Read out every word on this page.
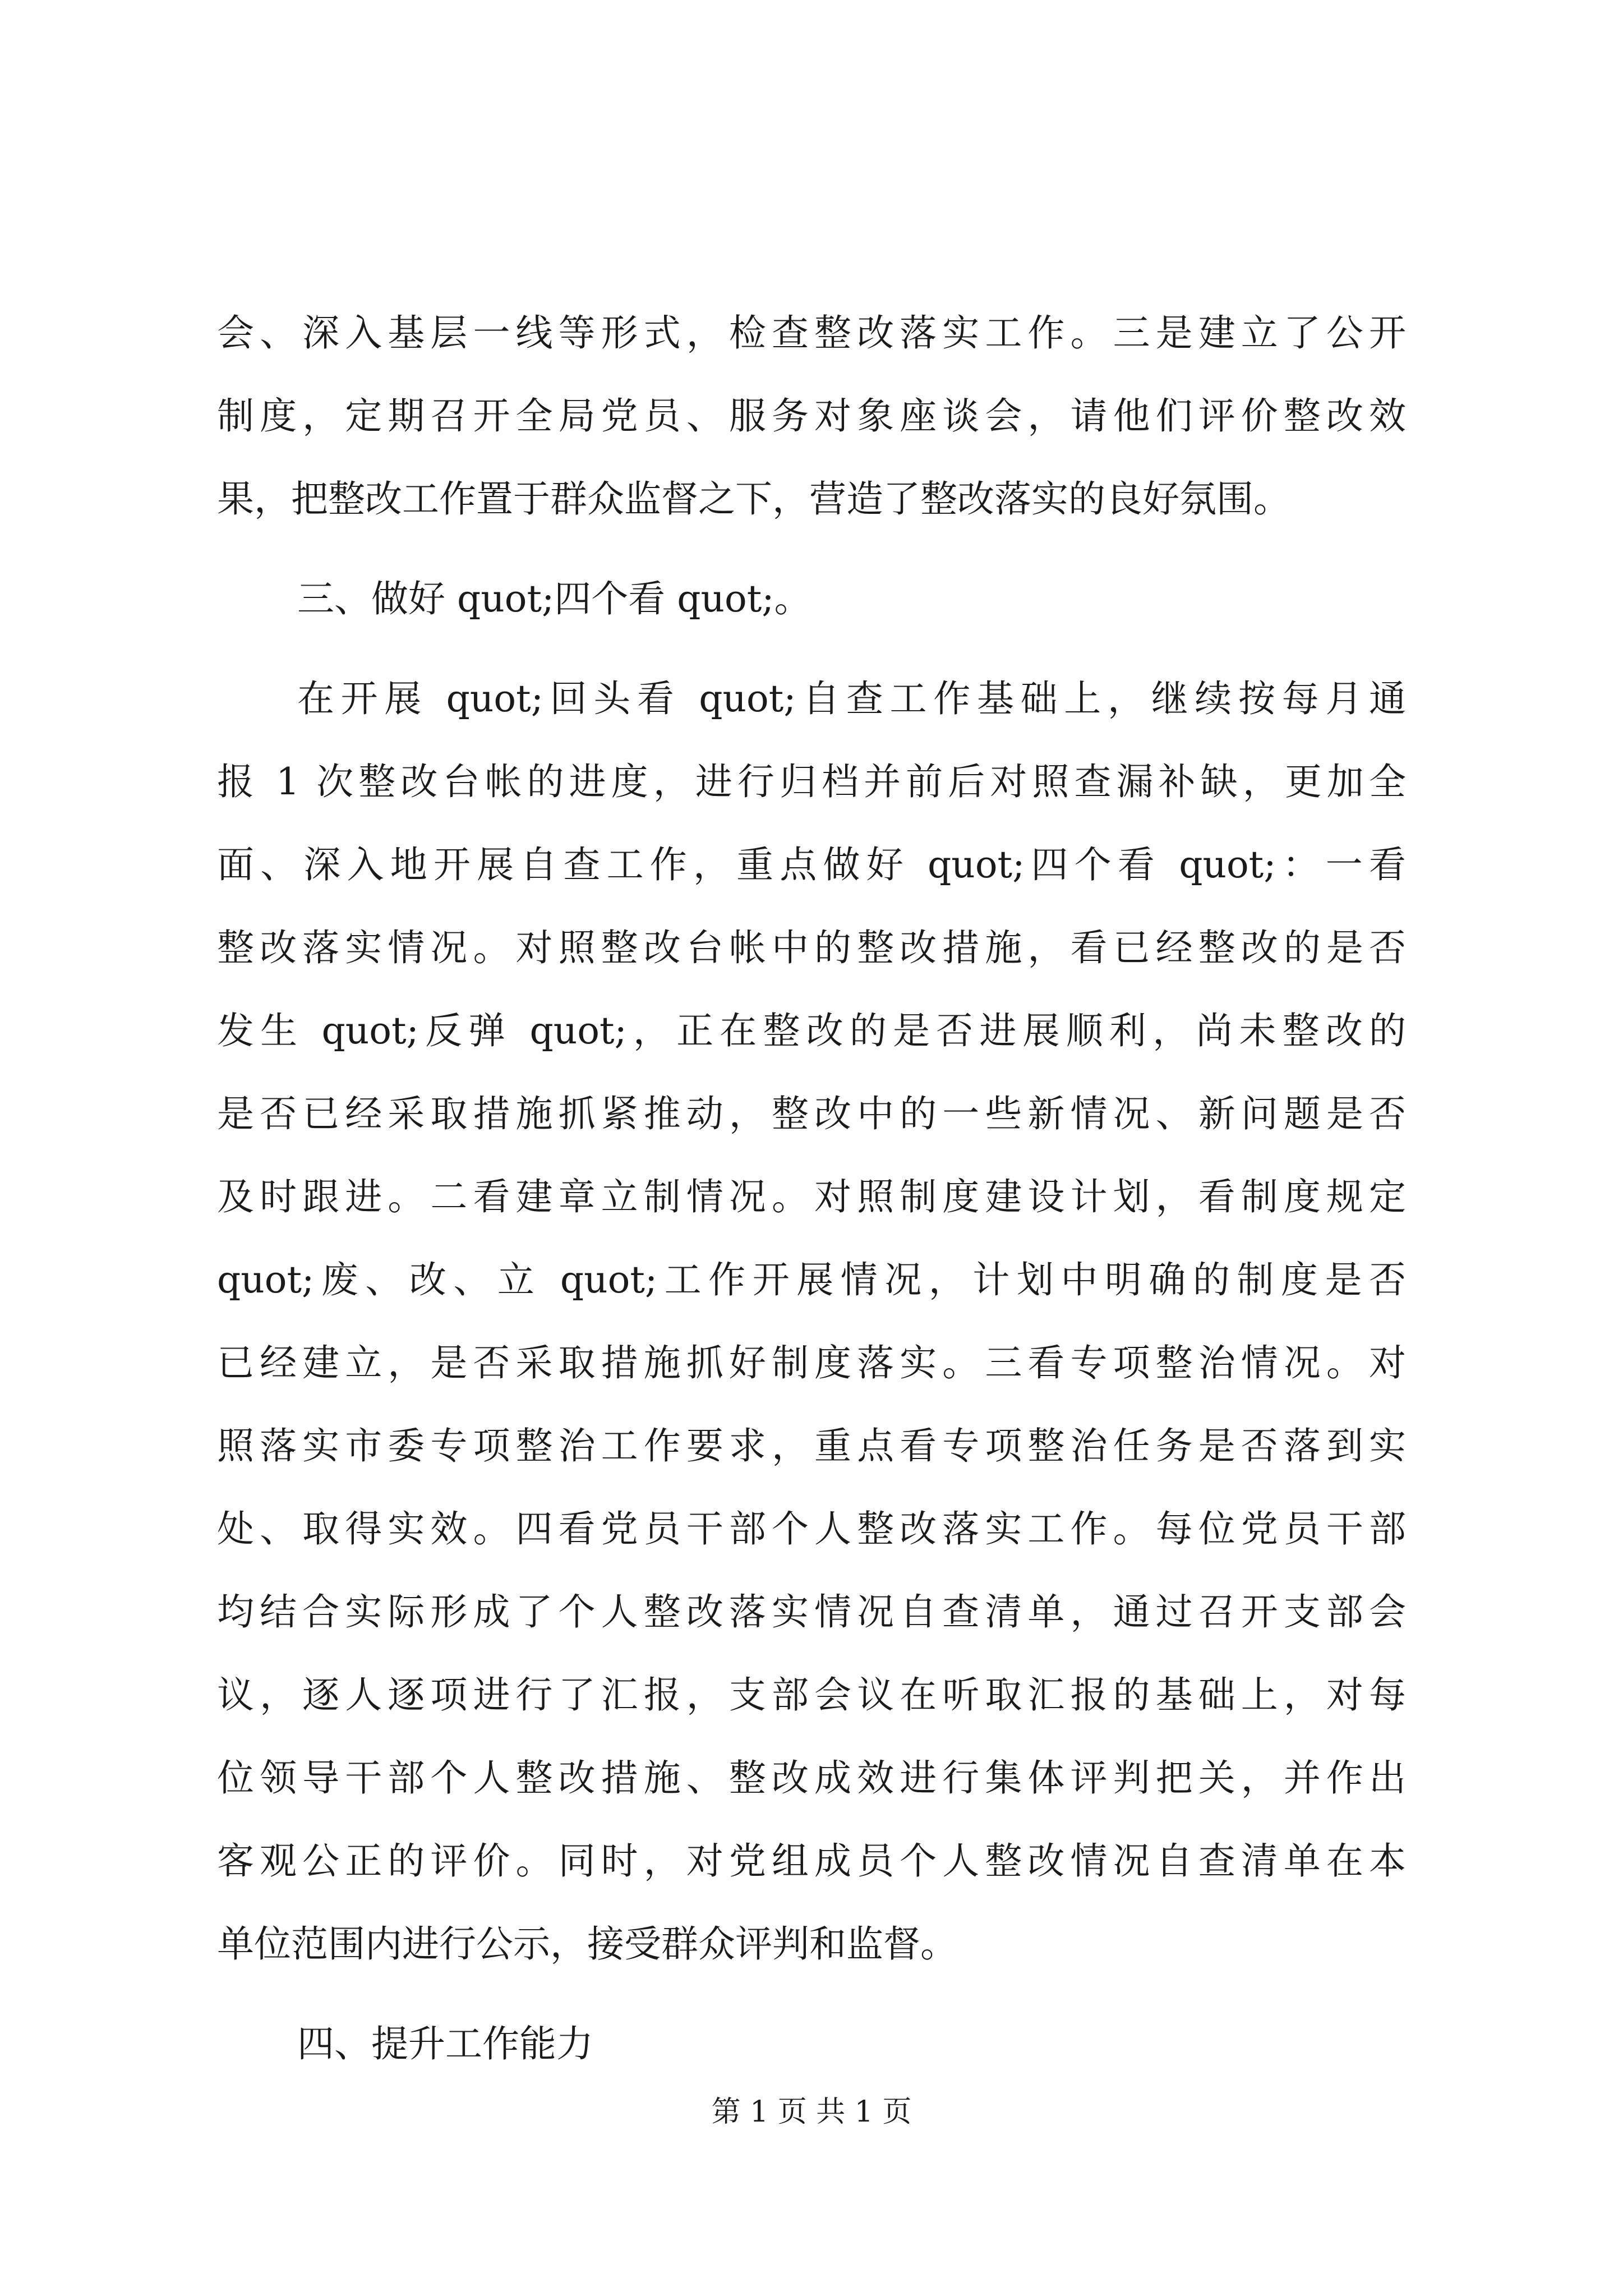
会、深入基层一线等形式，检查整改落实工作。三是建立了公开
制度，定期召开全局党员、服务对象座谈会，请他们评价整改效
果，把整改工作置于群众监督之下，营造了整改落实的良好氛围。
三、做好 quot;四个看 quot;。
在开展 quot;回头看 quot;自查工作基础上，继续按每月通
报 1 次整改台帐的进度，进行归档并前后对照查漏补缺，更加全
面、深入地开展自查工作，重点做好 quot;四个看 quot;：一看
整改落实情况。对照整改台帐中的整改措施，看已经整改的是否
发生 quot;反弹 quot;，正在整改的是否进展顺利，尚未整改的
是否已经采取措施抓紧推动，整改中的一些新情况、新问题是否
及时跟进。二看建章立制情况。对照制度建设计划，看制度规定
quot;废、改、立 quot;工作开展情况，计划中明确的制度是否
已经建立，是否采取措施抓好制度落实。三看专项整治情况。对
照落实市委专项整治工作要求，重点看专项整治任务是否落到实
处、取得实效。四看党员干部个人整改落实工作。每位党员干部
均结合实际形成了个人整改落实情况自查清单，通过召开支部会
议，逐人逐项进行了汇报，支部会议在听取汇报的基础上，对每
位领导干部个人整改措施、整改成效进行集体评判把关，并作出
客观公正的评价。同时，对党组成员个人整改情况自查清单在本
单位范围内进行公示，接受群众评判和监督。
四、提升工作能力
第 1 页 共 1 页
